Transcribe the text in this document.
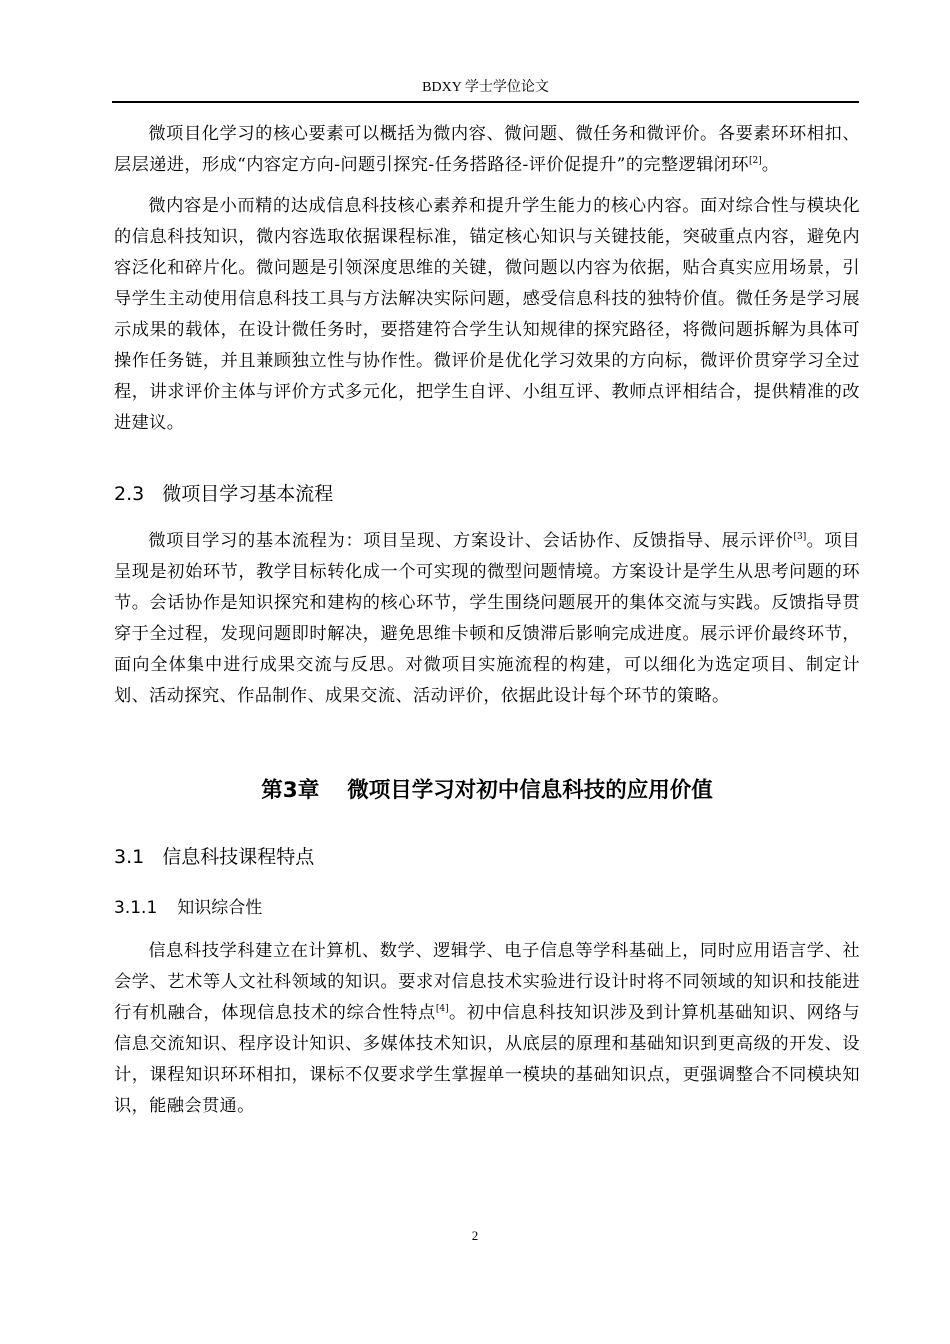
BDXY 学士学位论文

微项目化学习的核心要素可以概括为微内容、微问题、微任务和微评价。各要素环环相扣、层层递进，形成“内容定方向-问题引探究-任务搭路径-评价促提升”的完整逻辑闭环[2]。

微内容是小而精的达成信息科技核心素养和提升学生能力的核心内容。面对综合性与模块化的信息科技知识，微内容选取依据课程标准，锚定核心知识与关键技能，突破重点内容，避免内容泛化和碎片化。微问题是引领深度思维的关键，微问题以内容为依据，贴合真实应用场景，引导学生主动使用信息科技工具与方法解决实际问题，感受信息科技的独特价值。微任务是学习展示成果的载体，在设计微任务时，要搭建符合学生认知规律的探究路径，将微问题拆解为具体可操作任务链，并且兼顾独立性与协作性。微评价是优化学习效果的方向标，微评价贯穿学习全过程，讲求评价主体与评价方式多元化，把学生自评、小组互评、教师点评相结合，提供精准的改进建议。

2.3 微项目学习基本流程

微项目学习的基本流程为：项目呈现、方案设计、会话协作、反馈指导、展示评价[3]。项目呈现是初始环节，教学目标转化成一个可实现的微型问题情境。方案设计是学生从思考问题的环节。会话协作是知识探究和建构的核心环节，学生围绕问题展开的集体交流与实践。反馈指导贯穿于全过程，发现问题即时解决，避免思维卡顿和反馈滞后影响完成进度。展示评价最终环节，面向全体集中进行成果交流与反思。对微项目实施流程的构建，可以细化为选定项目、制定计划、活动探究、作品制作、成果交流、活动评价，依据此设计每个环节的策略。

第3章 微项目学习对初中信息科技的应用价值
3.1 信息科技课程特点
3.1.1 知识综合性

信息科技学科建立在计算机、数学、逻辑学、电子信息等学科基础上，同时应用语言学、社会学、艺术等人文社科领域的知识。要求对信息技术实验进行设计时将不同领域的知识和技能进行有机融合，体现信息技术的综合性特点[4]。初中信息科技知识涉及到计算机基础知识、网络与信息交流知识、程序设计知识、多媒体技术知识，从底层的原理和基础知识到更高级的开发、设计，课程知识环环相扣，课标不仅要求学生掌握单一模块的基础知识点，更强调整合不同模块知识，能融会贯通。

2
